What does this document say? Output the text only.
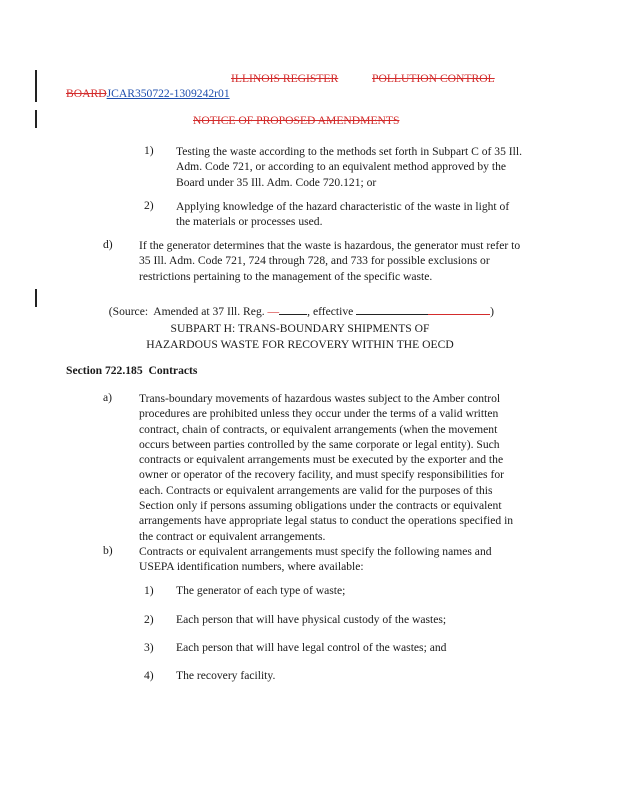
ILLINOIS REGISTER	POLLUTION CONTROL
BOARDJCAR350722-1309242r01
NOTICE OF PROPOSED AMENDMENTS
1) Testing the waste according to the methods set forth in Subpart C of 35 Ill.
Adm. Code 721, or according to an equivalent method approved by the
Board under 35 Ill. Adm. Code 720.121; or
2) Applying knowledge of the hazard characteristic of the waste in light of
the materials or processes used.
d) If the generator determines that the waste is hazardous, the generator must refer to
35 Ill. Adm. Code 721, 724 through 728, and 733 for possible exclusions or
restrictions pertaining to the management of the specific waste.

(Source:  Amended at 37 Ill. Reg. — , effective	)

SUBPART H: TRANS-BOUNDARY SHIPMENTS OF
HAZARDOUS WASTE FOR RECOVERY WITHIN THE OECD
Section 722.185 Contracts
a) Trans-boundary movements of hazardous wastes subject to the Amber control
procedures are prohibited unless they occur under the terms of a valid written
contract, chain of contracts, or equivalent arrangements (when the movement
occurs between parties controlled by the same corporate or legal entity). Such
contracts or equivalent arrangements must be executed by the exporter and the
owner or operator of the recovery facility, and must specify responsibilities for
each. Contracts or equivalent arrangements are valid for the purposes of this
Section only if persons assuming obligations under the contracts or equivalent
arrangements have appropriate legal status to conduct the operations specified in
the contract or equivalent arrangements.
b) Contracts or equivalent arrangements must specify the following names and
USEPA identification numbers, where available:
1) The generator of each type of waste;
2) Each person that will have physical custody of the wastes;
3) Each person that will have legal control of the wastes; and
4) The recovery facility.
